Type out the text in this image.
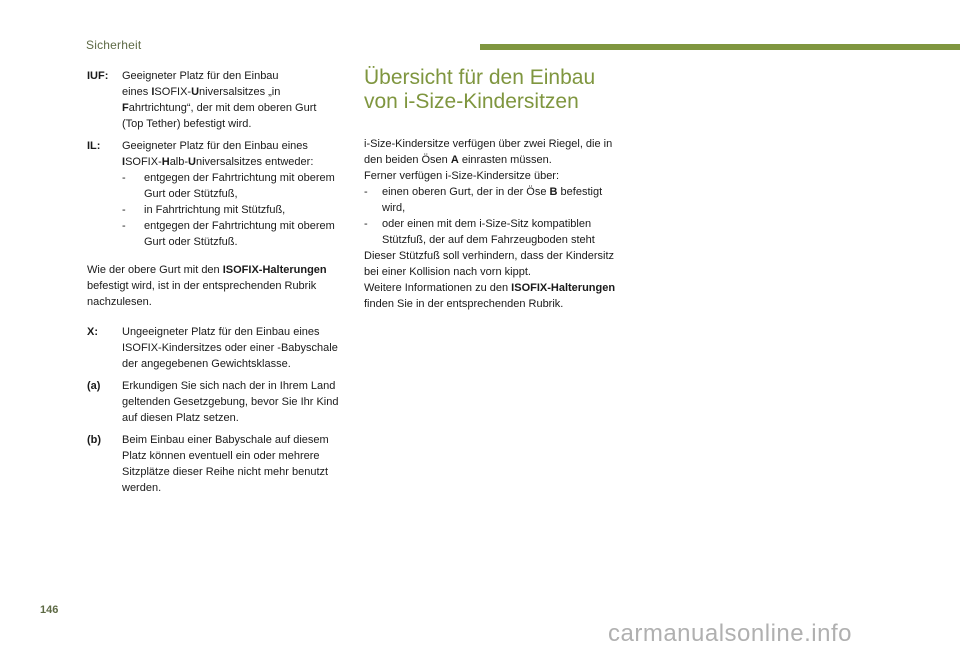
Sicherheit
IUF:	Geeigneter Platz für den Einbau
eines ISOFIX-Universalsitzes „in
Fahrtrichtung“, der mit dem oberen Gurt
(Top Tether) befestigt wird.
IL:	Geeigneter Platz für den Einbau eines
ISOFIX-Halb-Universalsitzes entweder:
-	entgegen der Fahrtrichtung mit oberem Gurt oder Stützfuß,
-	in Fahrtrichtung mit Stützfuß,
-	entgegen der Fahrtrichtung mit oberem Gurt oder Stützfuß.
Wie der obere Gurt mit den ISOFIX-Halterungen befestigt wird, ist in der entsprechenden Rubrik nachzulesen.
X:	Ungeeigneter Platz für den Einbau eines ISOFIX-Kindersitzes oder einer -Babyschale der angegebenen Gewichtsklasse.
(a)	Erkundigen Sie sich nach der in Ihrem Land geltenden Gesetzgebung, bevor Sie Ihr Kind auf diesen Platz setzen.
(b)	Beim Einbau einer Babyschale auf diesem Platz können eventuell ein oder mehrere Sitzplätze dieser Reihe nicht mehr benutzt werden.
Übersicht für den Einbau
von i-Size-Kindersitzen
i-Size-Kindersitze verfügen über zwei Riegel, die in den beiden Ösen A einrasten müssen.
Ferner verfügen i-Size-Kindersitze über:
-	einen oberen Gurt, der in der Öse B befestigt wird,
-	oder einen mit dem i-Size-Sitz kompatiblen Stützfuß, der auf dem Fahrzeugboden steht
Dieser Stützfuß soll verhindern, dass der Kindersitz bei einer Kollision nach vorn kippt.
Weitere Informationen zu den ISOFIX-Halterungen finden Sie in der entsprechenden Rubrik.
146
carmanualsonline.info
